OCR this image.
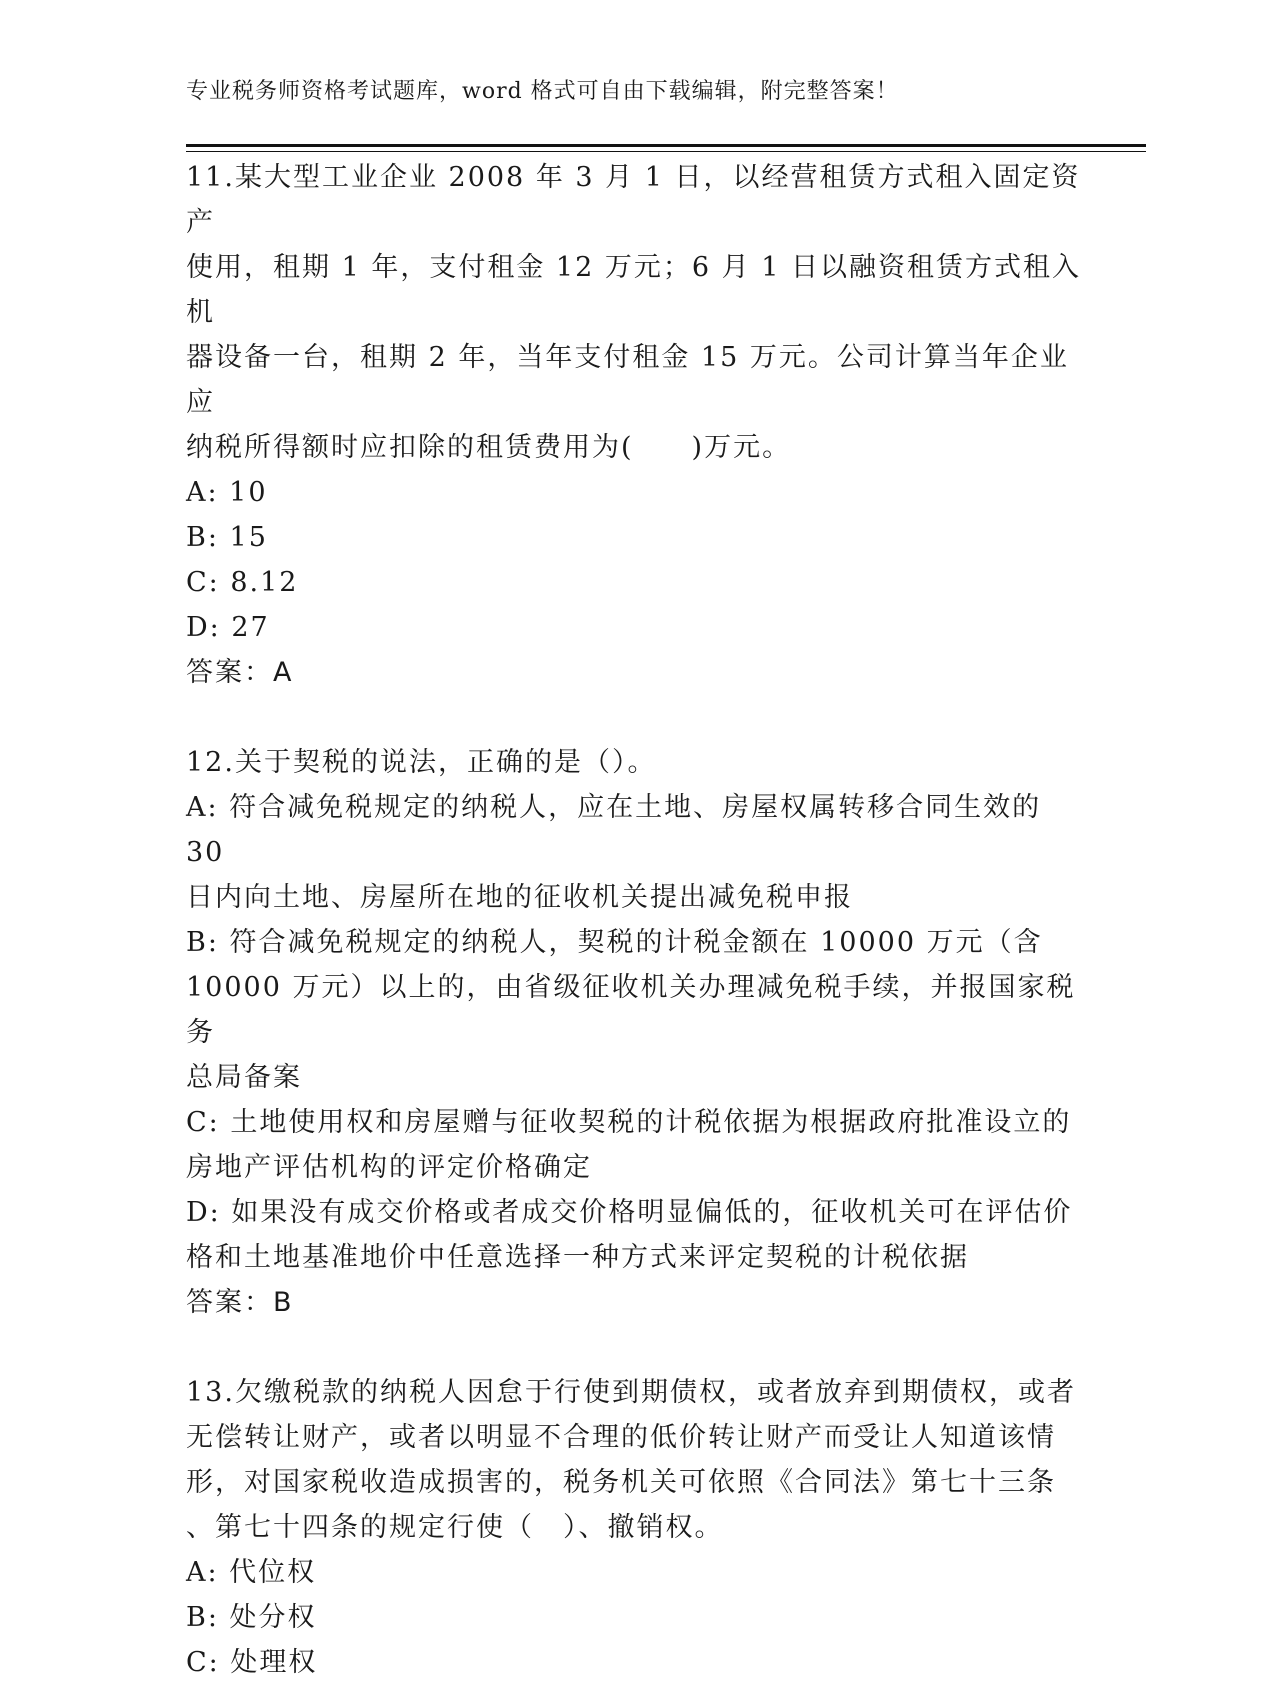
专业税务师资格考试题库，word 格式可自由下载编辑，附完整答案！

11.某大型工业企业 2008 年 3 月 1 日，以经营租赁方式租入固定资产

使用，租期 1 年，支付租金 12 万元；6 月 1 日以融资租赁方式租入机

器设备一台，租期 2 年，当年支付租金 15 万元。公司计算当年企业应

纳税所得额时应扣除的租赁费用为(　　)万元。

A: 10

B: 15

C: 8.12

D: 27

答案：A

12.关于契税的说法，正确的是（）。

A: 符合减免税规定的纳税人，应在土地、房屋权属转移合同生效的 30

日内向土地、房屋所在地的征收机关提出减免税申报

B: 符合减免税规定的纳税人，契税的计税金额在 10000 万元（含

10000 万元）以上的，由省级征收机关办理减免税手续，并报国家税务

总局备案

C: 土地使用权和房屋赠与征收契税的计税依据为根据政府批准设立的

房地产评估机构的评定价格确定

D: 如果没有成交价格或者成交价格明显偏低的，征收机关可在评估价

格和土地基准地价中任意选择一种方式来评定契税的计税依据

答案：B

13.欠缴税款的纳税人因怠于行使到期债权，或者放弃到期债权，或者

无偿转让财产，或者以明显不合理的低价转让财产而受让人知道该情

形，对国家税收造成损害的，税务机关可依照《合同法》第七十三条

、第七十四条的规定行使（　）、撤销权。

A: 代位权

B: 处分权

C: 处理权
